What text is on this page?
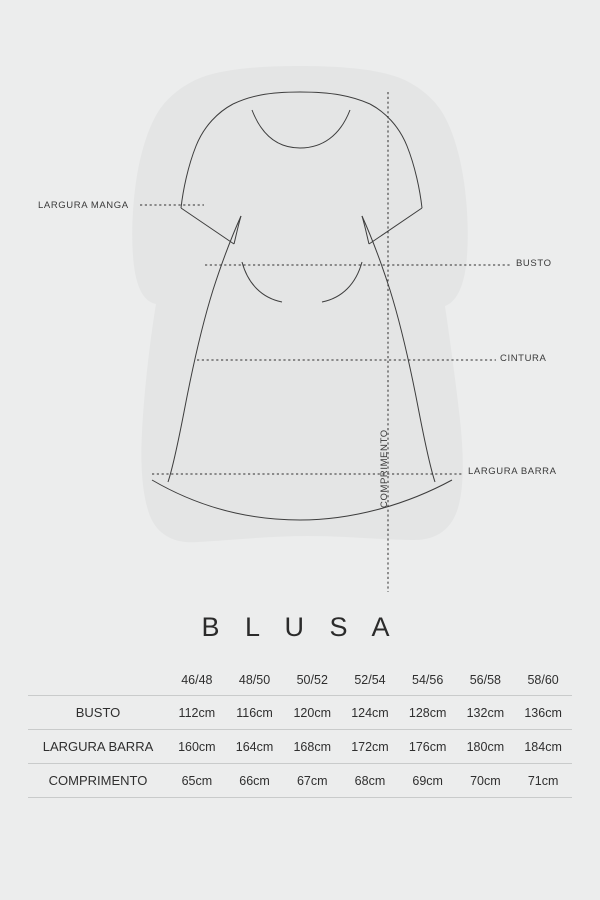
LARGURA MANGA
BUSTO
CINTURA
LARGURA BARRA
COMPRIMENTO
B L U S A
	46/48	48/50	50/52	52/54	54/56	56/58	58/60
BUSTO	112cm	116cm	120cm	124cm	128cm	132cm	136cm
LARGURA BARRA	160cm	164cm	168cm	172cm	176cm	180cm	184cm
COMPRIMENTO	65cm	66cm	67cm	68cm	69cm	70cm	71cm
